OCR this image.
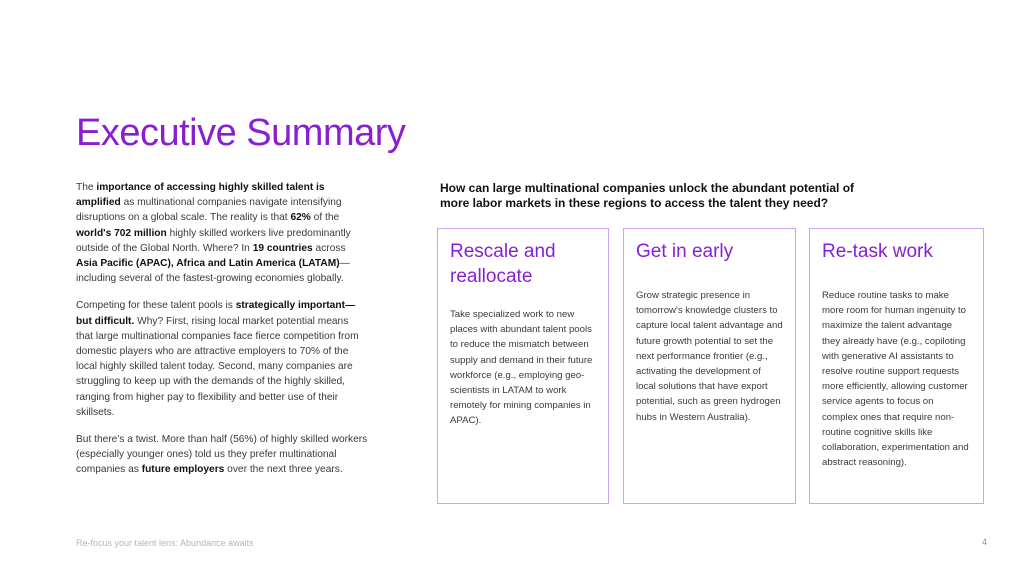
Executive Summary

The importance of accessing highly skilled talent is amplified as multinational companies navigate intensifying disruptions on a global scale. The reality is that 62% of the world's 702 million highly skilled workers live predominantly outside of the Global North. Where? In 19 countries across Asia Pacific (APAC), Africa and Latin America (LATAM)—including several of the fastest-growing economies globally.

Competing for these talent pools is strategically important—but difficult. Why? First, rising local market potential means that large multinational companies face fierce competition from domestic players who are attractive employers to 70% of the local highly skilled talent today. Second, many companies are struggling to keep up with the demands of the highly skilled, ranging from higher pay to flexibility and better use of their skillsets.

But there's a twist. More than half (56%) of highly skilled workers (especially younger ones) told us they prefer multinational companies as future employers over the next three years.

How can large multinational companies unlock the abundant potential of more labor markets in these regions to access the talent they need?

Rescale and reallocate

Take specialized work to new places with abundant talent pools to reduce the mismatch between supply and demand in their future workforce (e.g., employing geo-scientists in LATAM to work remotely for mining companies in APAC).

Get in early

Grow strategic presence in tomorrow's knowledge clusters to capture local talent advantage and future growth potential to set the next performance frontier (e.g., activating the development of local solutions that have export potential, such as green hydrogen hubs in Western Australia).

Re-task work

Reduce routine tasks to make more room for human ingenuity to maximize the talent advantage they already have (e.g., copiloting with generative AI assistants to resolve routine support requests more efficiently, allowing customer service agents to focus on complex ones that require non-routine cognitive skills like collaboration, experimentation and abstract reasoning).

Re-focus your talent lens: Abundance awaits	4
